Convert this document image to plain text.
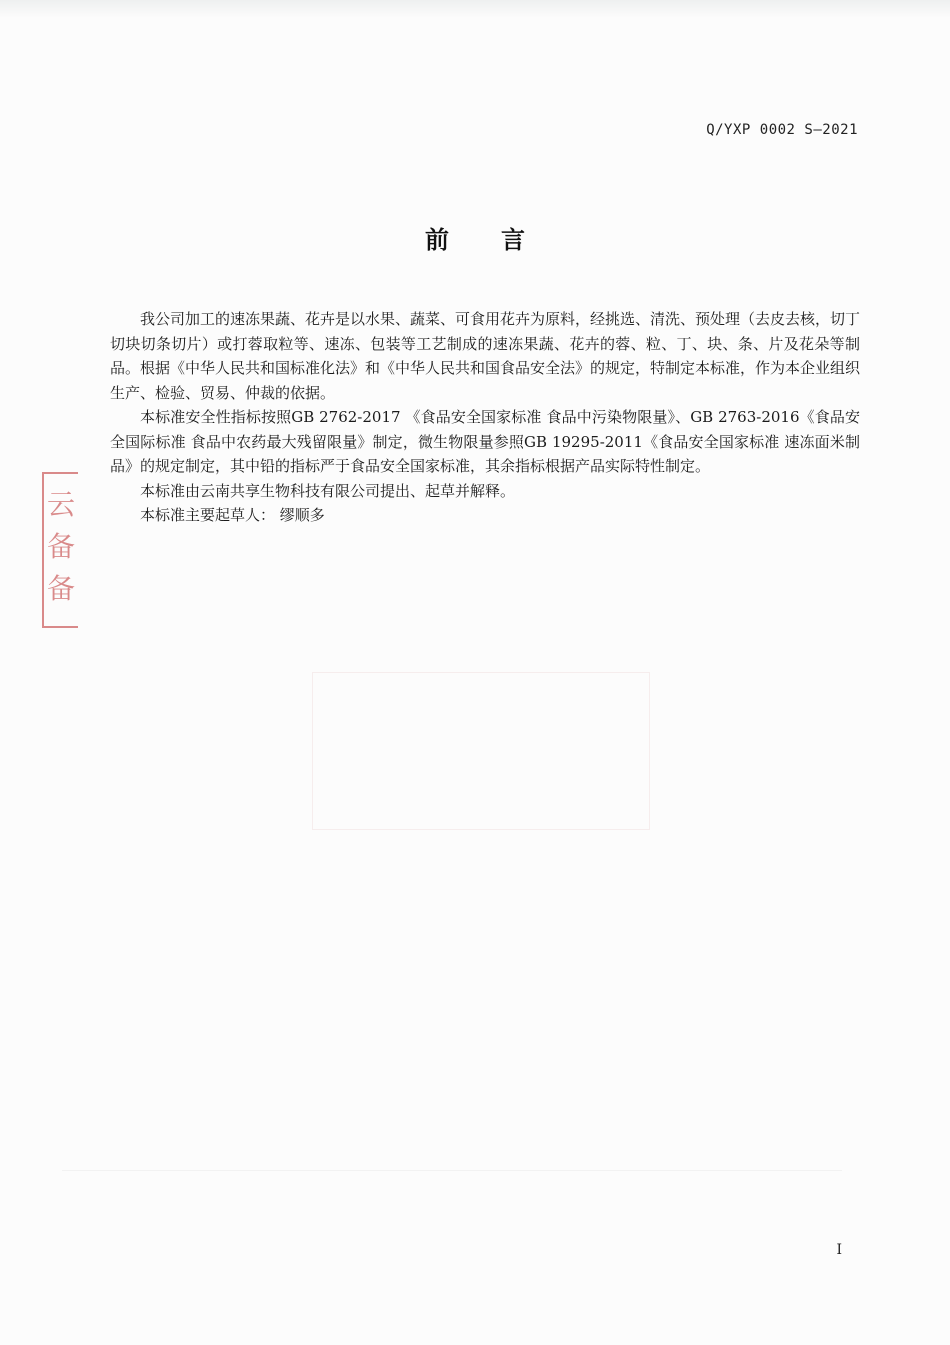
Q/YXP 0002 S—2021
前言

我公司加工的速冻果蔬、花卉是以水果、蔬菜、可食用花卉为原料，经挑选、清洗、预处理（去皮去核，切丁切块切条切片）或打蓉取粒等、速冻、包装等工艺制成的速冻果蔬、花卉的蓉、粒、丁、块、条、片及花朵等制品。根据《中华人民共和国标准化法》和《中华人民共和国食品安全法》的规定，特制定本标准，作为本企业组织生产、检验、贸易、仲裁的依据。

本标准安全性指标按照GB 2762-2017 《食品安全国家标准 食品中污染物限量》、GB 2763-2016《食品安全国际标准 食品中农药最大残留限量》制定，微生物限量参照GB 19295-2011《食品安全国家标准 速冻面米制品》的规定制定，其中铅的指标严于食品安全国家标准，其余指标根据产品实际特性制定。

本标准由云南共享生物科技有限公司提出、起草并解释。

本标准主要起草人： 缪顺多

云
备
备
I
